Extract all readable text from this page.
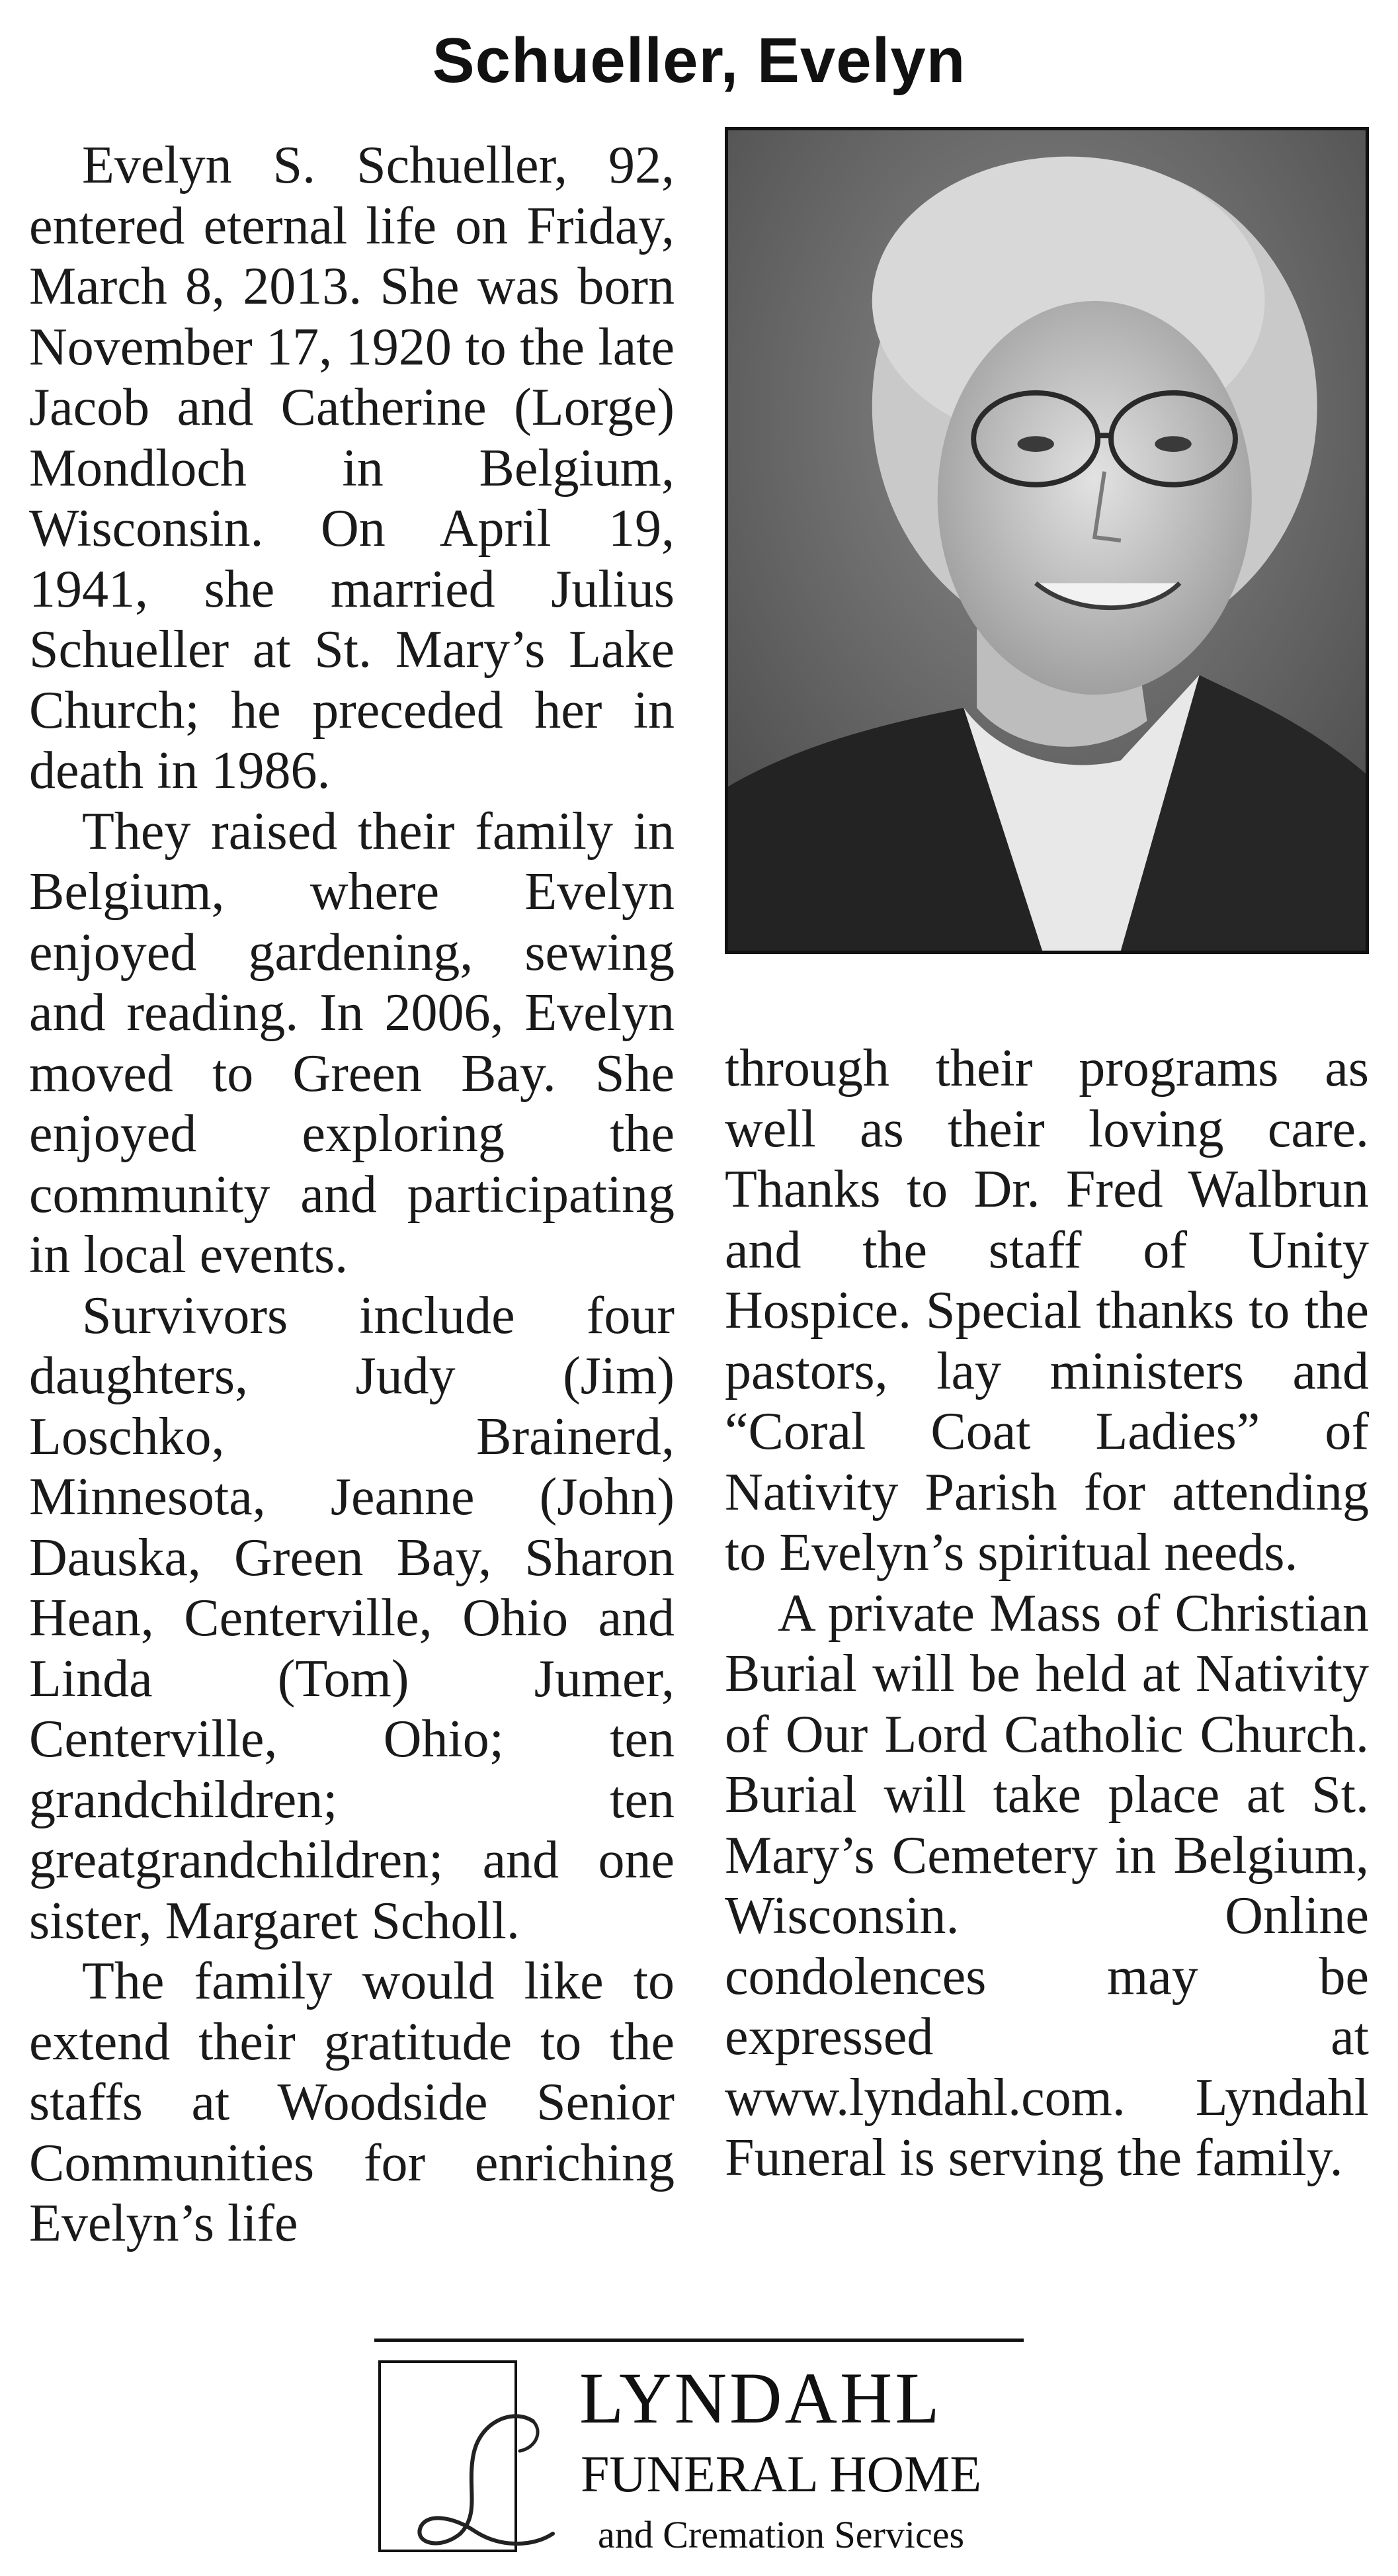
Schueller, Evelyn

Evelyn S. Schueller, 92, entered eternal life on Friday, March 8, 2013. She was born November 17, 1920 to the late Jacob and Catherine (Lorge) Mondloch in Belgium, Wisconsin. On April 19, 1941, she married Julius Schueller at St. Mary’s Lake Church; he preceded her in death in 1986.

They raised their family in Belgium, where Evelyn enjoyed gardening, sewing and reading. In 2006, Evelyn moved to Green Bay. She enjoyed exploring the community and participating in local events.

Survivors include four daughters, Judy (Jim) Loschko, Brainerd, Minnesota, Jeanne (John) Dauska, Green Bay, Sharon Hean, Centerville, Ohio and Linda (Tom) Jumer, Centerville, Ohio; ten grandchildren; ten greatgrandchildren; and one sister, Margaret Scholl.

The family would like to extend their gratitude to the staffs at Woodside Senior Communities for enriching Evelyn’s life

through their programs as well as their loving care. Thanks to Dr. Fred Walbrun and the staff of Unity Hospice. Special thanks to the pastors, lay ministers and “Coral Coat Ladies” of Nativity Parish for attending to Evelyn’s spiritual needs.

A private Mass of Christian Burial will be held at Nativity of Our Lord Catholic Church. Burial will take place at St. Mary’s Cemetery in Belgium, Wisconsin. Online condolences may be expressed at www.lyndahl.com. Lyndahl Funeral is serving the family.

LYNDAHL
FUNERAL HOME
and Cremation Services
